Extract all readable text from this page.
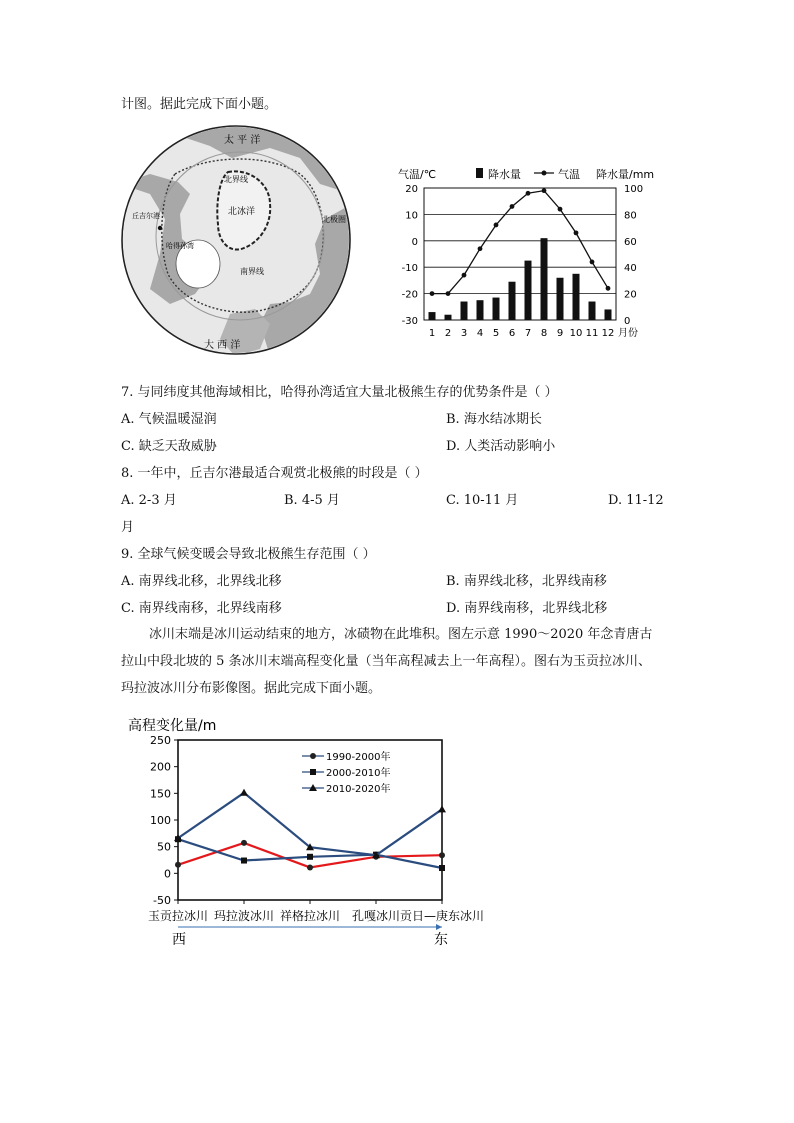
计图。据此完成下面小题。
太 平 洋
大 西 洋
北界线
南界线
北冰洋
北极圈
丘吉尔港
哈得孙湾
气温/℃	降水量	气温 降水量/mm
20
10
0
-10
-20
-30
100
80
60
40
20
0
1 2 3 4 5 6 7 8 9 10 11 12 月份
7. 与同纬度其他海域相比，哈得孙湾适宜大量北极熊生存的优势条件是（ ）
A. 气候温暖湿润	B. 海水结冰期长
C. 缺乏天敌威胁	D. 人类活动影响小
8. 一年中，丘吉尔港最适合观赏北极熊的时段是（ ）
A. 2-3 月	B. 4-5 月	C. 10-11 月	D. 11-12
月
9. 全球气候变暖会导致北极熊生存范围（ ）
A. 南界线北移，北界线北移	B. 南界线北移，北界线南移
C. 南界线南移，北界线南移	D. 南界线南移，北界线北移
冰川末端是冰川运动结束的地方，冰碛物在此堆积。图左示意 1990～2020 年念青唐古
拉山中段北坡的 5 条冰川末端高程变化量（当年高程减去上一年高程）。图右为玉贡拉冰川、
玛拉波冰川分布影像图。据此完成下面小题。
高程变化量/m
250
200
150
100
50
0
-50
玉贡拉冰川 玛拉波冰川 祥格拉冰川 孔嘎冰川 贡日—庚东冰川
西	东
1990-2000年
2000-2010年
2010-2020年
